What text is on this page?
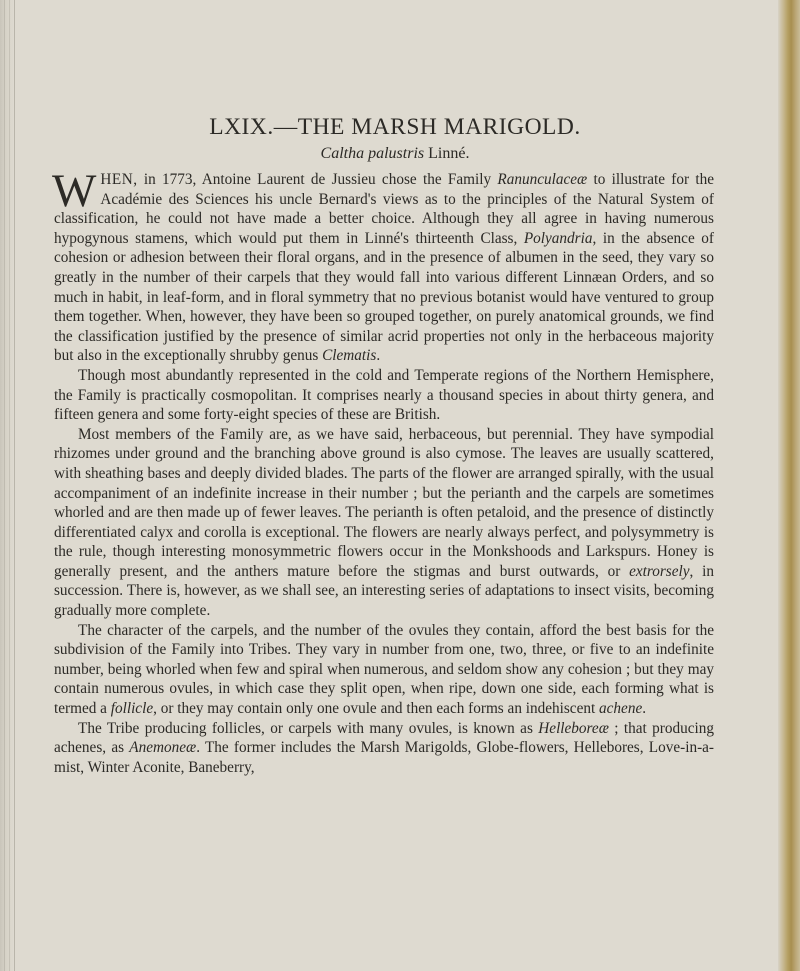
LXIX.—THE MARSH MARIGOLD.

Caltha palustris Linné.

WHEN, in 1773, Antoine Laurent de Jussieu chose the Family Ranunculaceæ to illustrate for the Académie des Sciences his uncle Bernard's views as to the principles of the Natural System of classification, he could not have made a better choice. Although they all agree in having numerous hypogynous stamens, which would put them in Linné's thirteenth Class, Polyandria, in the absence of cohesion or adhesion between their floral organs, and in the presence of albumen in the seed, they vary so greatly in the number of their carpels that they would fall into various different Linnæan Orders, and so much in habit, in leaf-form, and in floral symmetry that no previous botanist would have ventured to group them together. When, however, they have been so grouped together, on purely anatomical grounds, we find the classification justified by the presence of similar acrid properties not only in the herbaceous majority but also in the exceptionally shrubby genus Clematis.

Though most abundantly represented in the cold and Temperate regions of the Northern Hemisphere, the Family is practically cosmopolitan. It comprises nearly a thousand species in about thirty genera, and fifteen genera and some forty-eight species of these are British.

Most members of the Family are, as we have said, herbaceous, but perennial. They have sympodial rhizomes under ground and the branching above ground is also cymose. The leaves are usually scattered, with sheathing bases and deeply divided blades. The parts of the flower are arranged spirally, with the usual accompaniment of an indefinite increase in their number ; but the perianth and the carpels are sometimes whorled and are then made up of fewer leaves. The perianth is often petaloid, and the presence of distinctly differentiated calyx and corolla is exceptional. The flowers are nearly always perfect, and polysymmetry is the rule, though interesting monosymmetric flowers occur in the Monkshoods and Larkspurs. Honey is generally present, and the anthers mature before the stigmas and burst outwards, or extrorsely, in succession. There is, however, as we shall see, an interesting series of adaptations to insect visits, becoming gradually more complete.

The character of the carpels, and the number of the ovules they contain, afford the best basis for the subdivision of the Family into Tribes. They vary in number from one, two, three, or five to an indefinite number, being whorled when few and spiral when numerous, and seldom show any cohesion ; but they may contain numerous ovules, in which case they split open, when ripe, down one side, each forming what is termed a follicle, or they may contain only one ovule and then each forms an indehiscent achene.

The Tribe producing follicles, or carpels with many ovules, is known as Helleboreæ ; that producing achenes, as Anemoneæ. The former includes the Marsh Marigolds, Globe-flowers, Hellebores, Love-in-a-mist, Winter Aconite, Baneberry,
